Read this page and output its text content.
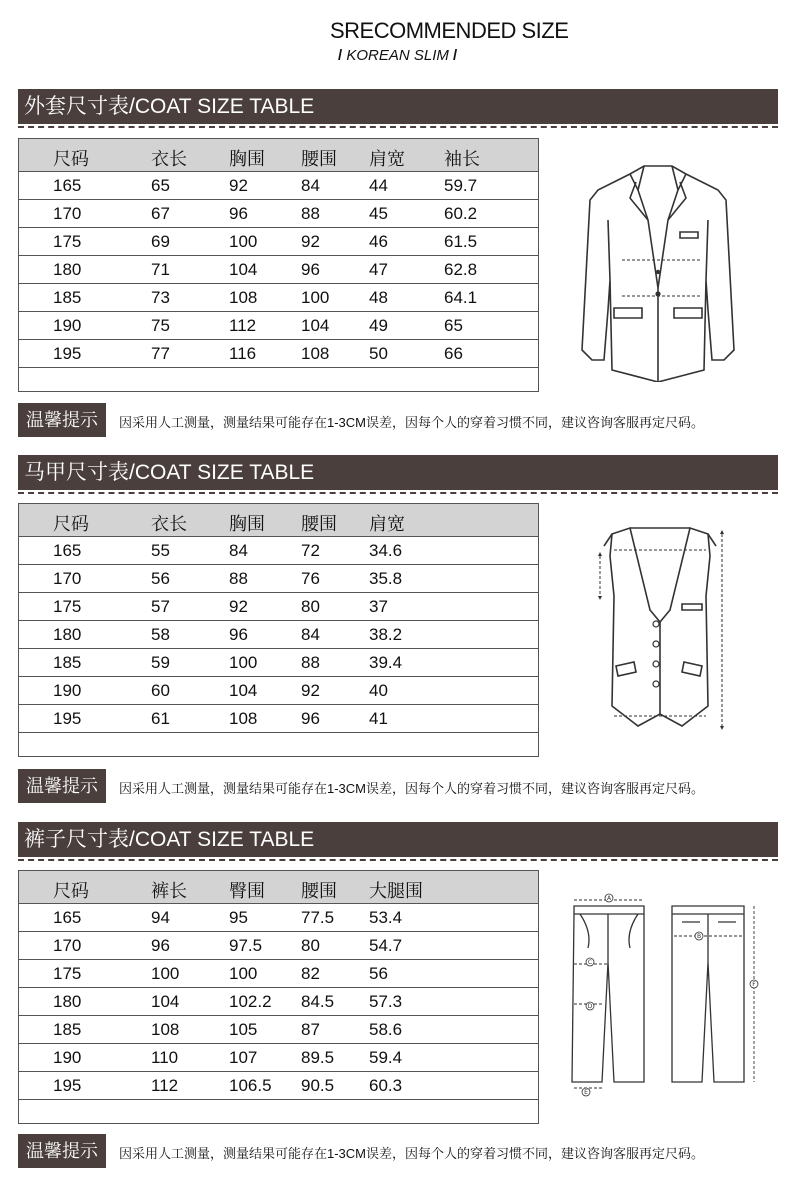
SRECOMMENDED SIZE
/ KOREAN SLIM /
外套尺寸表/COAT SIZE TABLE
尺码	衣长 胸围 腰围 肩宽 袖长
165	65	92	84	44	59.7
170	67	96	88	45	60.2
175	69	100	92	46	61.5
180	71	104	96	47	62.8
185	73	108	100 48	64.1
190	75	112	104 49	65
195	77	116	108 50	66
温馨提示	因采用人工测量，测量结果可能存在1-3CM误差，因每个人的穿着习惯不同，建议咨询客服再定尺码。
马甲尺寸表/COAT SIZE TABLE
尺码	衣长 胸围 腰围 肩宽
165	55	84	72	34.6
170	56	88	76	35.8
175	57	92	80	37
180	58	96	84	38.2
185	59	100	88	39.4
190	60	104	92	40
195	61	108	96	41
温馨提示	因采用人工测量，测量结果可能存在1-3CM误差，因每个人的穿着习惯不同，建议咨询客服再定尺码。
裤子尺寸表/COAT SIZE TABLE
尺码	裤长 臀围 腰围 大腿围
165	94	95	77.5 53.4
170	96	97.5 80	54.7
175	100	100	82	56
180	104	102.2 84.5 57.3
185	108	105	87	58.6
190	110	107	89.5 59.4
195	112	106.5 90.5 60.3
A
B
C
D
E
F
温馨提示	因采用人工测量，测量结果可能存在1-3CM误差，因每个人的穿着习惯不同，建议咨询客服再定尺码。
